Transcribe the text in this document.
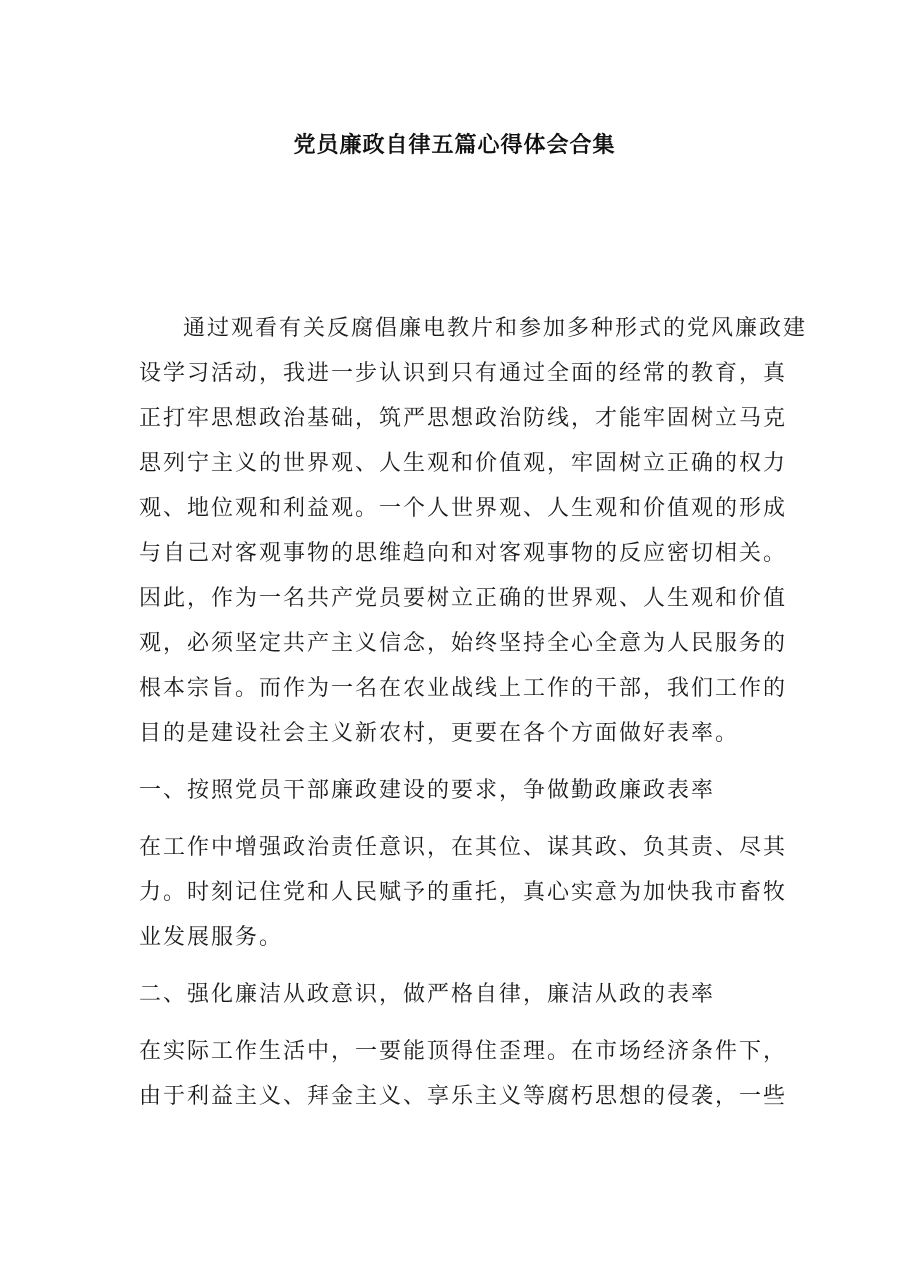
党员廉政自律五篇心得体会合集
通过观看有关反腐倡廉电教片和参加多种形式的党风廉政建
设学习活动，我进一步认识到只有通过全面的经常的教育，真
正打牢思想政治基础，筑严思想政治防线，才能牢固树立马克
思列宁主义的世界观、人生观和价值观，牢固树立正确的权力
观、地位观和利益观。一个人世界观、人生观和价值观的形成
与自己对客观事物的思维趋向和对客观事物的反应密切相关。
因此，作为一名共产党员要树立正确的世界观、人生观和价值
观，必须坚定共产主义信念，始终坚持全心全意为人民服务的
根本宗旨。而作为一名在农业战线上工作的干部，我们工作的
目的是建设社会主义新农村，更要在各个方面做好表率。
一、按照党员干部廉政建设的要求，争做勤政廉政表率
在工作中增强政治责任意识，在其位、谋其政、负其责、尽其
力。时刻记住党和人民赋予的重托，真心实意为加快我市畜牧
业发展服务。
二、强化廉洁从政意识，做严格自律，廉洁从政的表率
在实际工作生活中，一要能顶得住歪理。在市场经济条件下，
由于利益主义、拜金主义、享乐主义等腐朽思想的侵袭，一些
